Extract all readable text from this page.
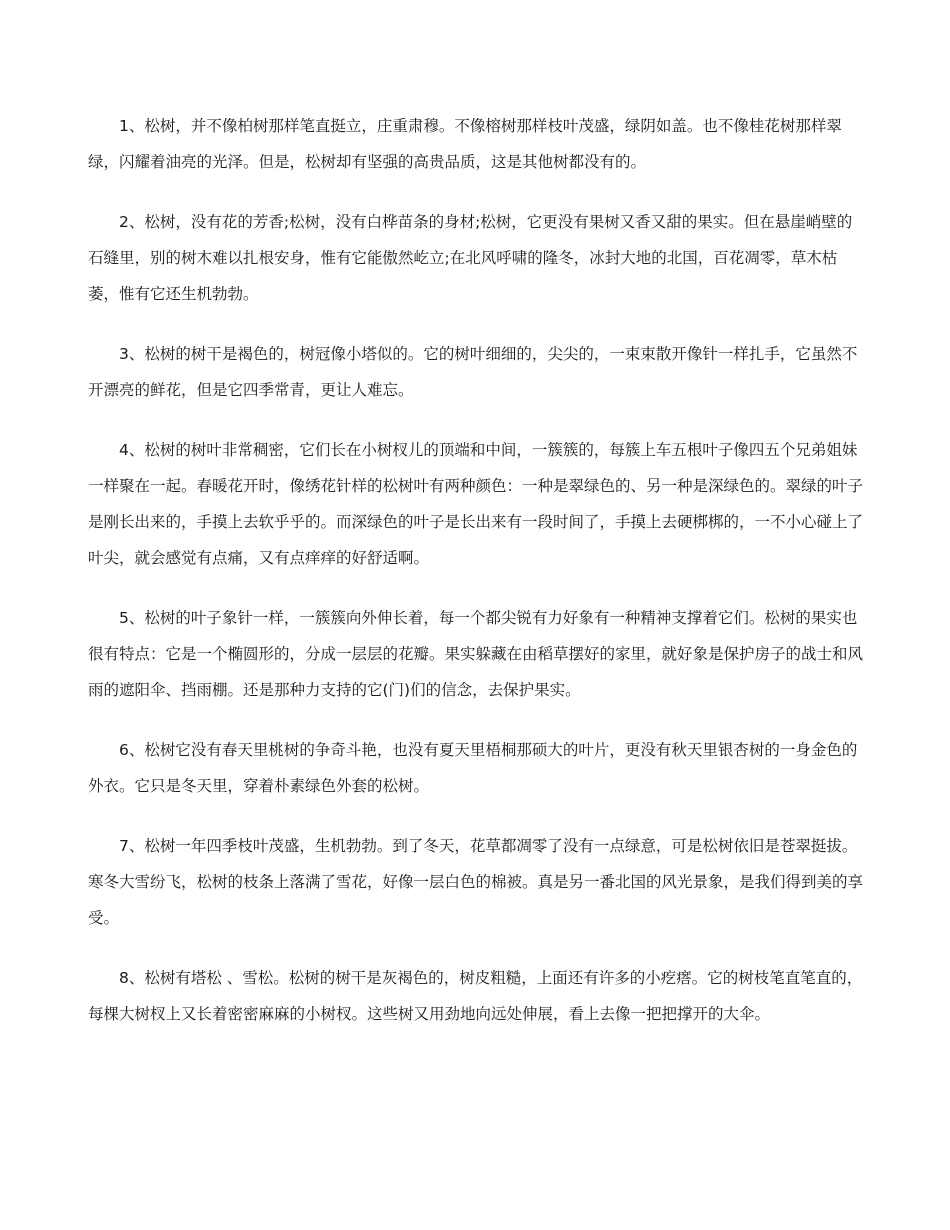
1、松树，并不像柏树那样笔直挺立，庄重肃穆。不像榕树那样枝叶茂盛，绿阴如盖。也不像桂花树那样翠绿，闪耀着油亮的光泽。但是，松树却有坚强的高贵品质，这是其他树都没有的。

2、松树，没有花的芳香;松树，没有白桦苗条的身材;松树，它更没有果树又香又甜的果实。但在悬崖峭壁的石缝里，别的树木难以扎根安身，惟有它能傲然屹立;在北风呼啸的隆冬，冰封大地的北国，百花凋零，草木枯萎，惟有它还生机勃勃。

3、松树的树干是褐色的，树冠像小塔似的。它的树叶细细的，尖尖的，一束束散开像针一样扎手，它虽然不开漂亮的鲜花，但是它四季常青，更让人难忘。

4、松树的树叶非常稠密，它们长在小树杈儿的顶端和中间，一簇簇的，每簇上车五根叶子像四五个兄弟姐妹一样聚在一起。春暖花开时，像绣花针样的松树叶有两种颜色：一种是翠绿色的、另一种是深绿色的。翠绿的叶子是刚长出来的，手摸上去软乎乎的。而深绿色的叶子是长出来有一段时间了，手摸上去硬梆梆的，一不小心碰上了叶尖，就会感觉有点痛，又有点痒痒的好舒适啊。

5、松树的叶子象针一样，一簇簇向外伸长着，每一个都尖锐有力好象有一种精神支撑着它们。松树的果实也很有特点：它是一个椭圆形的，分成一层层的花瓣。果实躲藏在由稻草摆好的家里，就好象是保护房子的战士和风雨的遮阳伞、挡雨棚。还是那种力支持的它(门)们的信念，去保护果实。

6、松树它没有春天里桃树的争奇斗艳，也没有夏天里梧桐那硕大的叶片，更没有秋天里银杏树的一身金色的外衣。它只是冬天里，穿着朴素绿色外套的松树。

7、松树一年四季枝叶茂盛，生机勃勃。到了冬天，花草都凋零了没有一点绿意，可是松树依旧是苍翠挺拔。寒冬大雪纷飞，松树的枝条上落满了雪花，好像一层白色的棉被。真是另一番北国的风光景象，是我们得到美的享受。

8、松树有塔松 、雪松。松树的树干是灰褐色的，树皮粗糙，上面还有许多的小疙瘩。它的树枝笔直笔直的，每棵大树杈上又长着密密麻麻的小树杈。这些树又用劲地向远处伸展，看上去像一把把撑开的大伞。
